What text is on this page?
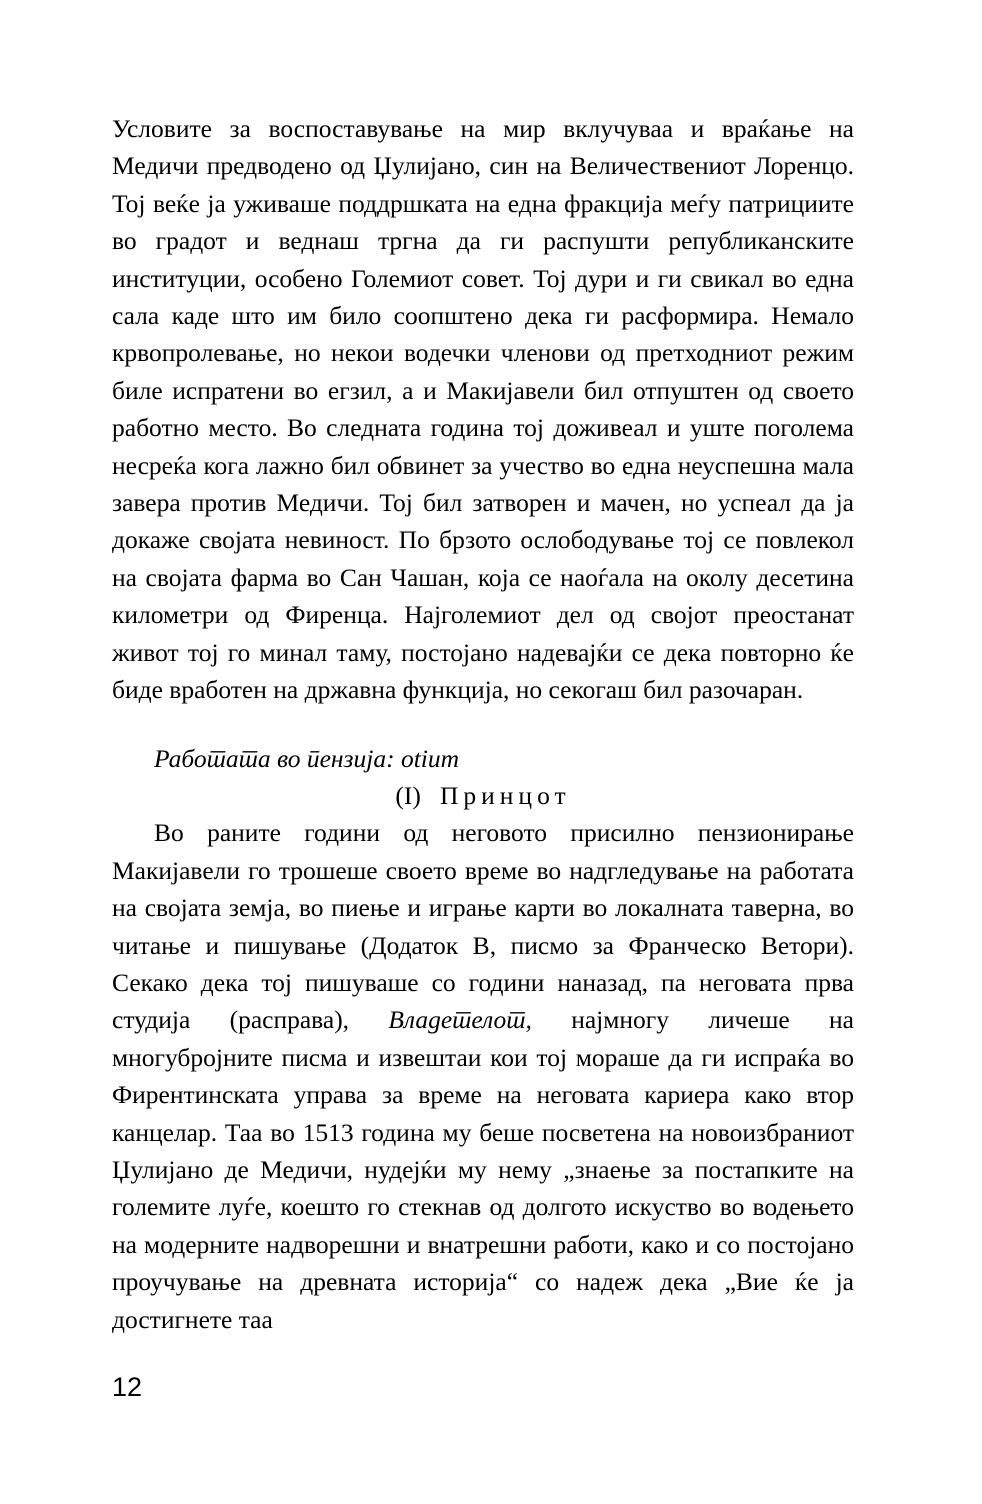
Условите за воспоставување на мир вклучуваа и враќање на Медичи предводено од Џулијано, син на Величествениот Лоренцо. Тој веќе ја уживаше поддршката на една фракција меѓу патрициите во градот и веднаш тргна да ги распушти републиканските институции, особено Големиот совет. Тој дури и ги свикал во една сала каде што им било соопштено дека ги расформира. Немало крвопролевање, но некои водечки членови од претходниот режим биле испратени во егзил, а и Макијавели бил отпуштен од своето работно место. Во следната година тој доживеал и уште поголема несреќа кога лажно бил обвинет за учество во една неуспешна мала завера против Медичи. Тој бил затворен и мачен, но успеал да ја докаже својата невиност. По брзото ослободување тој се повлекол на својата фарма во Сан Чашан, која се наоѓала на околу десетина километри од Фиренца. Најголемиот дел од својот преостанат живот тој го минал таму, постојано надевајќи се дека повторно ќе биде вработен на државна функција, но секогаш бил разочаран.

Работата во пензија: otium

(I) Принцот

Во раните години од неговото присилно пензионирање Макијавели го трошеше своето време во надгледување на работата на својата земја, во пиење и играње карти во локалната таверна, во читање и пишување (Додаток В, писмо за Франческо Ветори). Секако дека тој пишуваше со години наназад, па неговата прва студија (расправа), Владетелот, најмногу личеше на многубројните писма и извештаи кои тој мораше да ги испраќа во Фирентинската управа за време на неговата кариера како втор канцелар. Таа во 1513 година му беше посветена на новоизбраниот Џулијано де Медичи, нудејќи му нему „знаење за постапките на големите луѓе, коешто го стекнав од долгото искуство во водењето на модерните надворешни и внатрешни работи, како и со постојано проучување на древната историја“ со надеж дека „Вие ќе ја достигнете таа

12
